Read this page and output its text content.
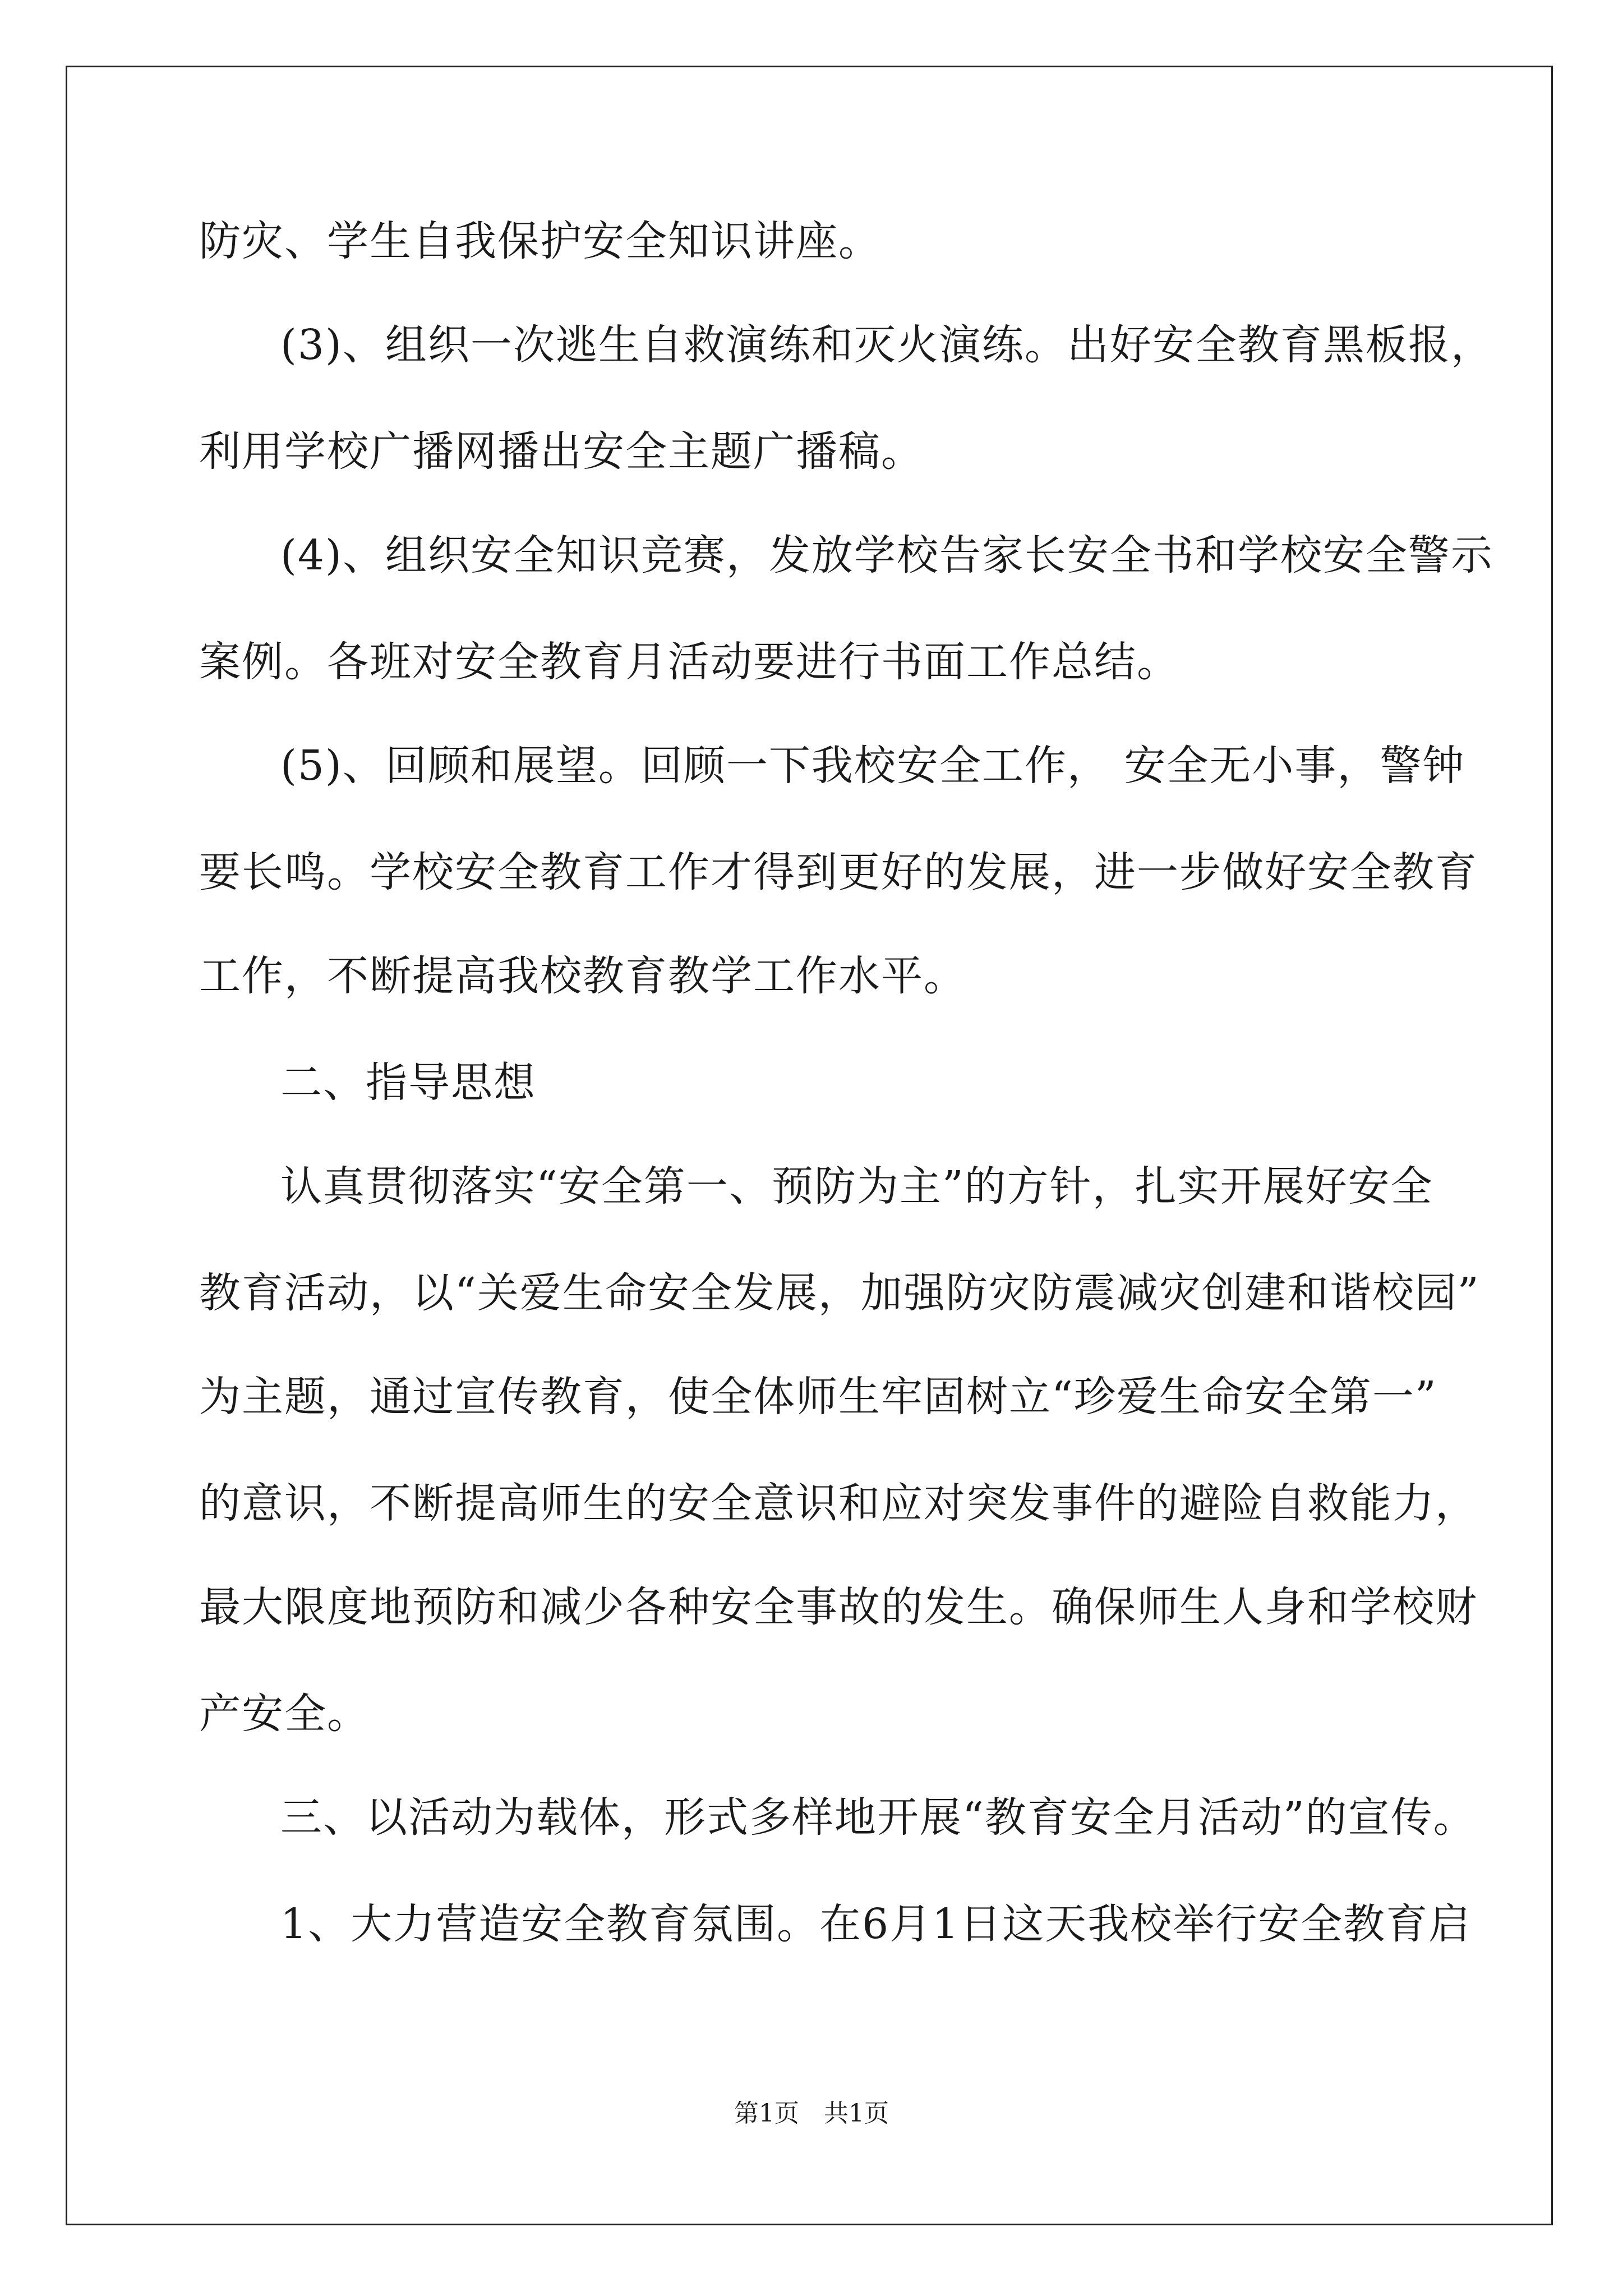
防灾、学生自我保护安全知识讲座。
(3)、组织一次逃生自救演练和灭火演练。出好安全教育黑板报，
利用学校广播网播出安全主题广播稿。
(4)、组织安全知识竞赛，发放学校告家长安全书和学校安全警示
案例。各班对安全教育月活动要进行书面工作总结。
(5)、回顾和展望。回顾一下我校安全工作， 安全无小事，警钟
要长鸣。学校安全教育工作才得到更好的发展，进一步做好安全教育
工作，不断提高我校教育教学工作水平。
二、指导思想
认真贯彻落实“安全第一、预防为主”的方针，扎实开展好安全
教育活动，以“关爱生命安全发展，加强防灾防震减灾创建和谐校园”
为主题，通过宣传教育，使全体师生牢固树立“珍爱生命安全第一”
的意识，不断提高师生的安全意识和应对突发事件的避险自救能力，
最大限度地预防和减少各种安全事故的发生。确保师生人身和学校财
产安全。
三、以活动为载体，形式多样地开展“教育安全月活动”的宣传。
1、大力营造安全教育氛围。在6月1日这天我校举行安全教育启
第1页　共1页
